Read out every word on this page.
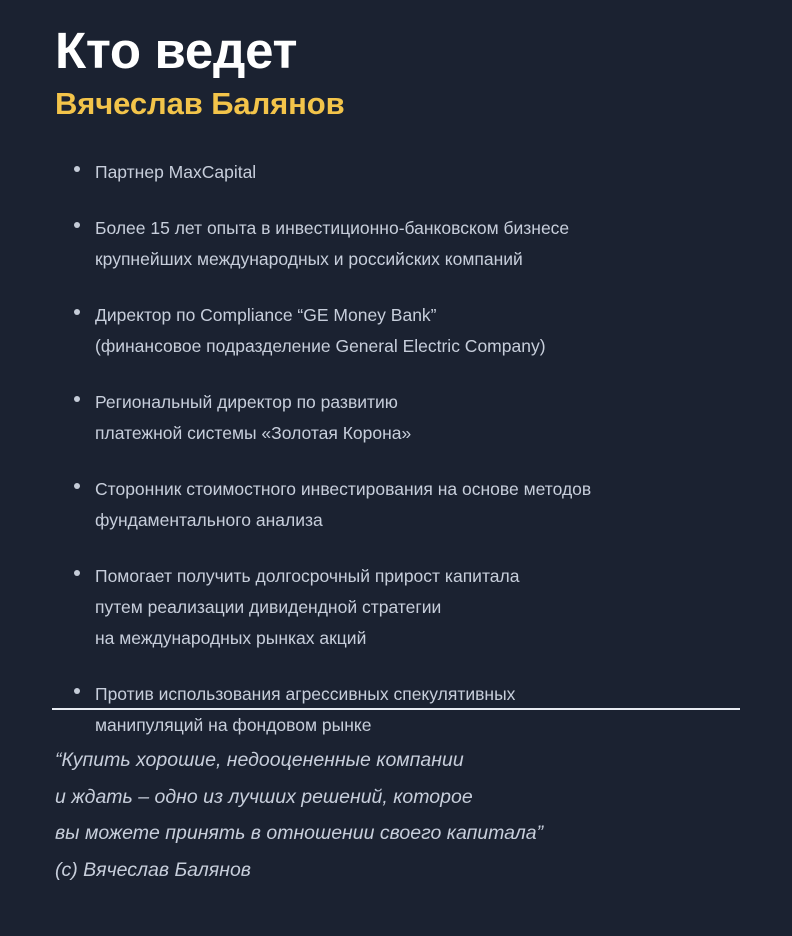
Кто ведет
Вячеслав Балянов
Партнер MaxCapital
Более 15 лет опыта в инвестиционно-банковском бизнесе
крупнейших международных и российских компаний
Директор по Compliance “GE Money Bank”
(финансовое подразделение General Electric Company)
Региональный директор по развитию
платежной системы «Золотая Корона»
Сторонник стоимостного инвестирования на основе методов
фундаментального анализа
Помогает получить долгосрочный прирост капитала
путем реализации дивидендной стратегии
на международных рынках акций
Против использования агрессивных спекулятивных
манипуляций на фондовом рынке
“Купить хорошие, недооцененные компании
и ждать – одно из лучших решений, которое
вы можете принять в отношении своего капитала”
(с) Вячеслав Балянов
